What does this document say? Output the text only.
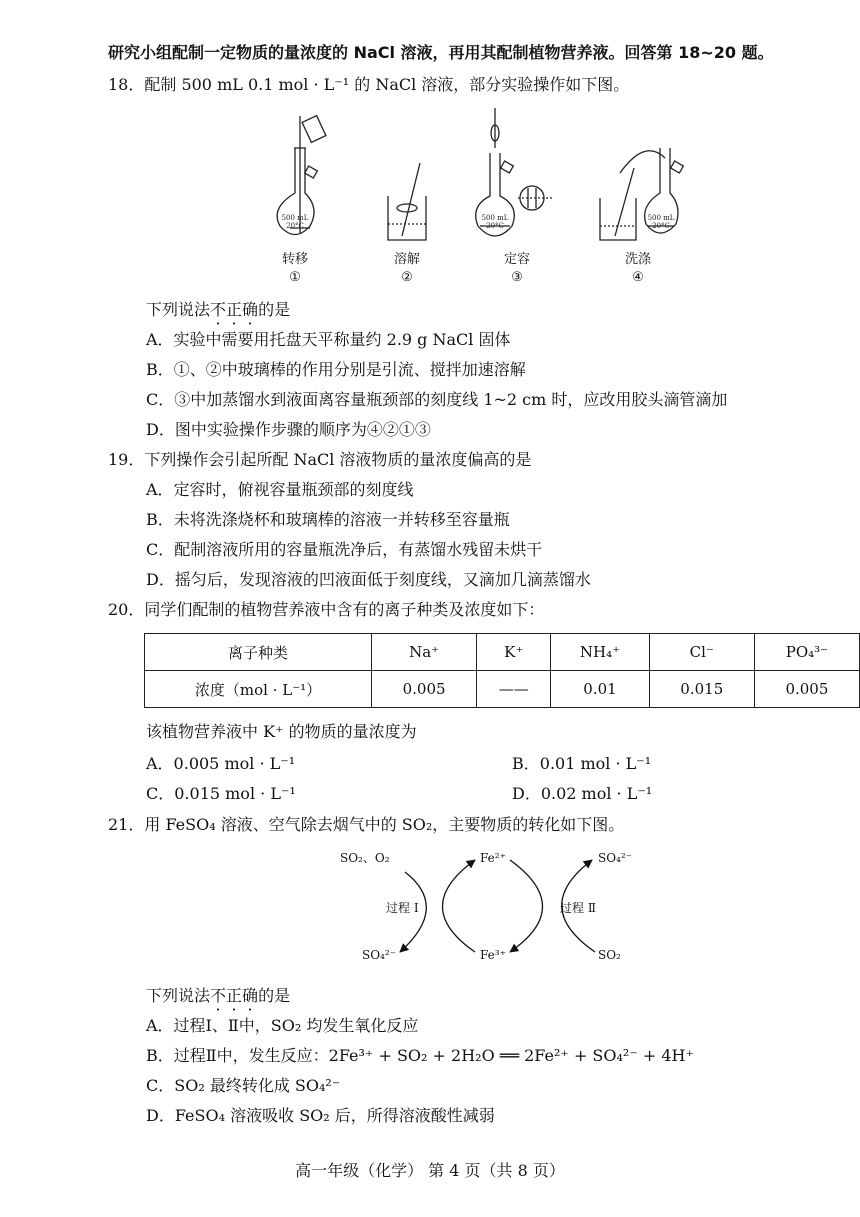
研究小组配制一定物质的量浓度的 NaCl 溶液，再用其配制植物营养液。回答第 18~20 题。
18．配制 500 mL 0.1 mol · L⁻¹ 的 NaCl 溶液，部分实验操作如下图。
500 mL
20°C
500 mL
20°C
500 mL
20°C
转移
①
溶解
②
定容
③
洗涤
④
下列说法不正确的是
A．实验中需要用托盘天平称量约 2.9 g NaCl 固体
B．①、②中玻璃棒的作用分别是引流、搅拌加速溶解
C．③中加蒸馏水到液面离容量瓶颈部的刻度线 1~2 cm 时，应改用胶头滴管滴加
D．图中实验操作步骤的顺序为④②①③
19．下列操作会引起所配 NaCl 溶液物质的量浓度偏高的是
A．定容时，俯视容量瓶颈部的刻度线
B．未将洗涤烧杯和玻璃棒的溶液一并转移至容量瓶
C．配制溶液所用的容量瓶洗净后，有蒸馏水残留未烘干
D．摇匀后，发现溶液的凹液面低于刻度线，又滴加几滴蒸馏水
20．同学们配制的植物营养液中含有的离子种类及浓度如下：
离子种类	Na⁺	K⁺	NH₄⁺	Cl⁻	PO₄³⁻
浓度（mol · L⁻¹）	0.005	——	0.01	0.015	0.005
该植物营养液中 K⁺ 的物质的量浓度为
A．0.005 mol · L⁻¹	B．0.01 mol · L⁻¹
C．0.015 mol · L⁻¹	D．0.02 mol · L⁻¹
21．用 FeSO₄ 溶液、空气除去烟气中的 SO₂，主要物质的转化如下图。
SO₂、O₂
SO₄²⁻
Fe²⁺
Fe³⁺
SO₄²⁻
SO₂
过程 Ⅰ	过程 Ⅱ
下列说法不正确的是
A．过程Ⅰ、Ⅱ中，SO₂ 均发生氧化反应
B．过程Ⅱ中，发生反应：2Fe³⁺ + SO₂ + 2H₂O ══ 2Fe²⁺ + SO₄²⁻ + 4H⁺
C．SO₂ 最终转化成 SO₄²⁻
D．FeSO₄ 溶液吸收 SO₂ 后，所得溶液酸性减弱
高一年级（化学） 第 4 页（共 8 页）
